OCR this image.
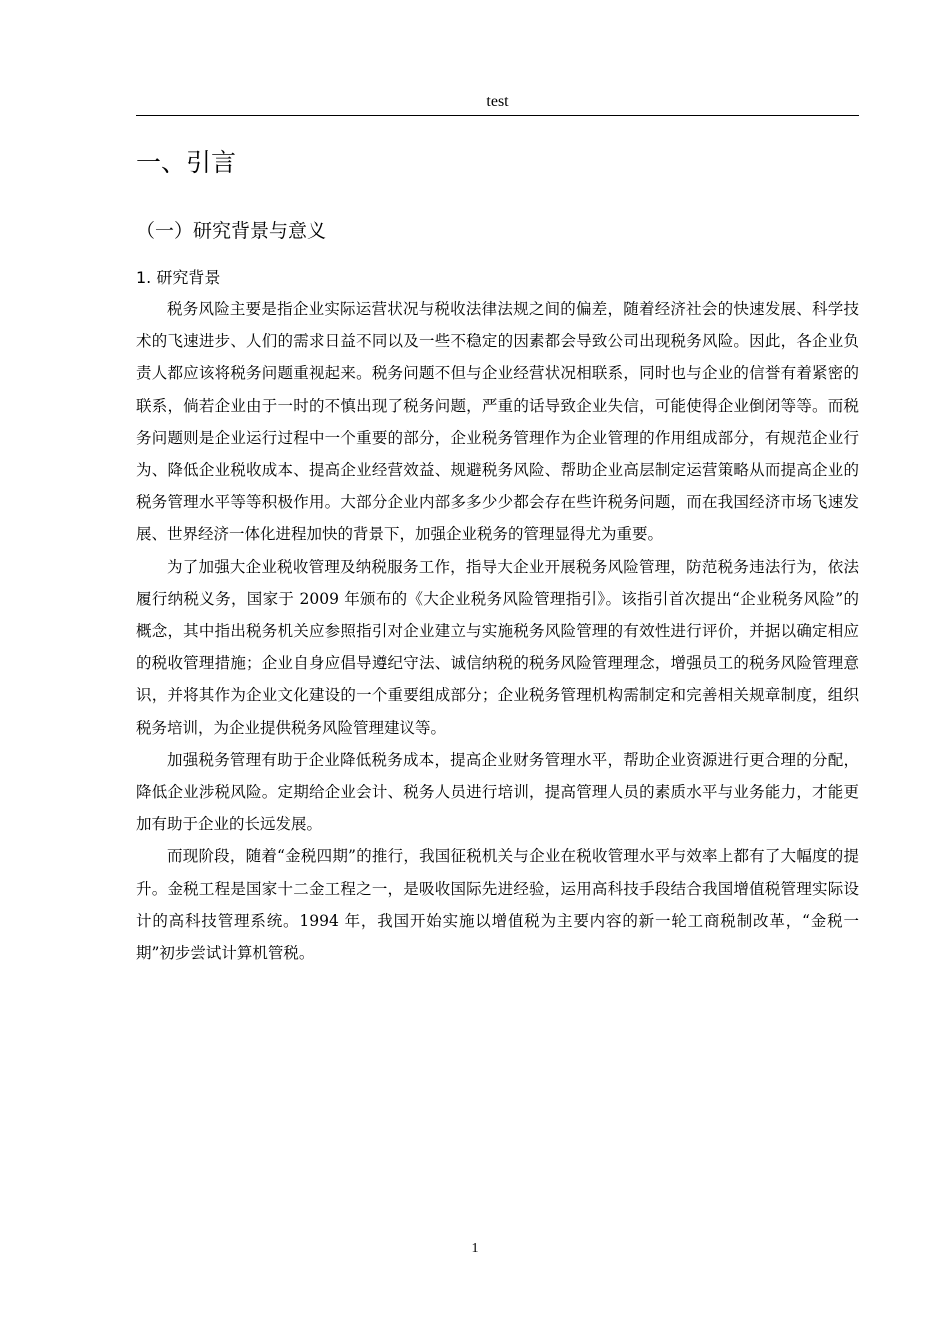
test
一、引言
（一）研究背景与意义
1. 研究背景

税务风险主要是指企业实际运营状况与税收法律法规之间的偏差，随着经济社会的快速发展、科学技术的飞速进步、人们的需求日益不同以及一些不稳定的因素都会导致公司出现税务风险。因此，各企业负责人都应该将税务问题重视起来。税务问题不但与企业经营状况相联系，同时也与企业的信誉有着紧密的联系，倘若企业由于一时的不慎出现了税务问题，严重的话导致企业失信，可能使得企业倒闭等等。而税务问题则是企业运行过程中一个重要的部分，企业税务管理作为企业管理的作用组成部分，有规范企业行为、降低企业税收成本、提高企业经营效益、规避税务风险、帮助企业高层制定运营策略从而提高企业的税务管理水平等等积极作用。大部分企业内部多多少少都会存在些许税务问题，而在我国经济市场飞速发展、世界经济一体化进程加快的背景下，加强企业税务的管理显得尤为重要。

为了加强大企业税收管理及纳税服务工作，指导大企业开展税务风险管理，防范税务违法行为，依法履行纳税义务，国家于 2009 年颁布的《大企业税务风险管理指引》。该指引首次提出“企业税务风险”的概念，其中指出税务机关应参照指引对企业建立与实施税务风险管理的有效性进行评价，并据以确定相应的税收管理措施；企业自身应倡导遵纪守法、诚信纳税的税务风险管理理念，增强员工的税务风险管理意识，并将其作为企业文化建设的一个重要组成部分；企业税务管理机构需制定和完善相关规章制度，组织税务培训，为企业提供税务风险管理建议等。

加强税务管理有助于企业降低税务成本，提高企业财务管理水平，帮助企业资源进行更合理的分配，降低企业涉税风险。定期给企业会计、税务人员进行培训，提高管理人员的素质水平与业务能力，才能更加有助于企业的长远发展。

而现阶段，随着“金税四期”的推行，我国征税机关与企业在税收管理水平与效率上都有了大幅度的提升。金税工程是国家十二金工程之一，是吸收国际先进经验，运用高科技手段结合我国增值税管理实际设计的高科技管理系统。1994 年，我国开始实施以增值税为主要内容的新一轮工商税制改革，“金税一期”初步尝试计算机管税。

1
